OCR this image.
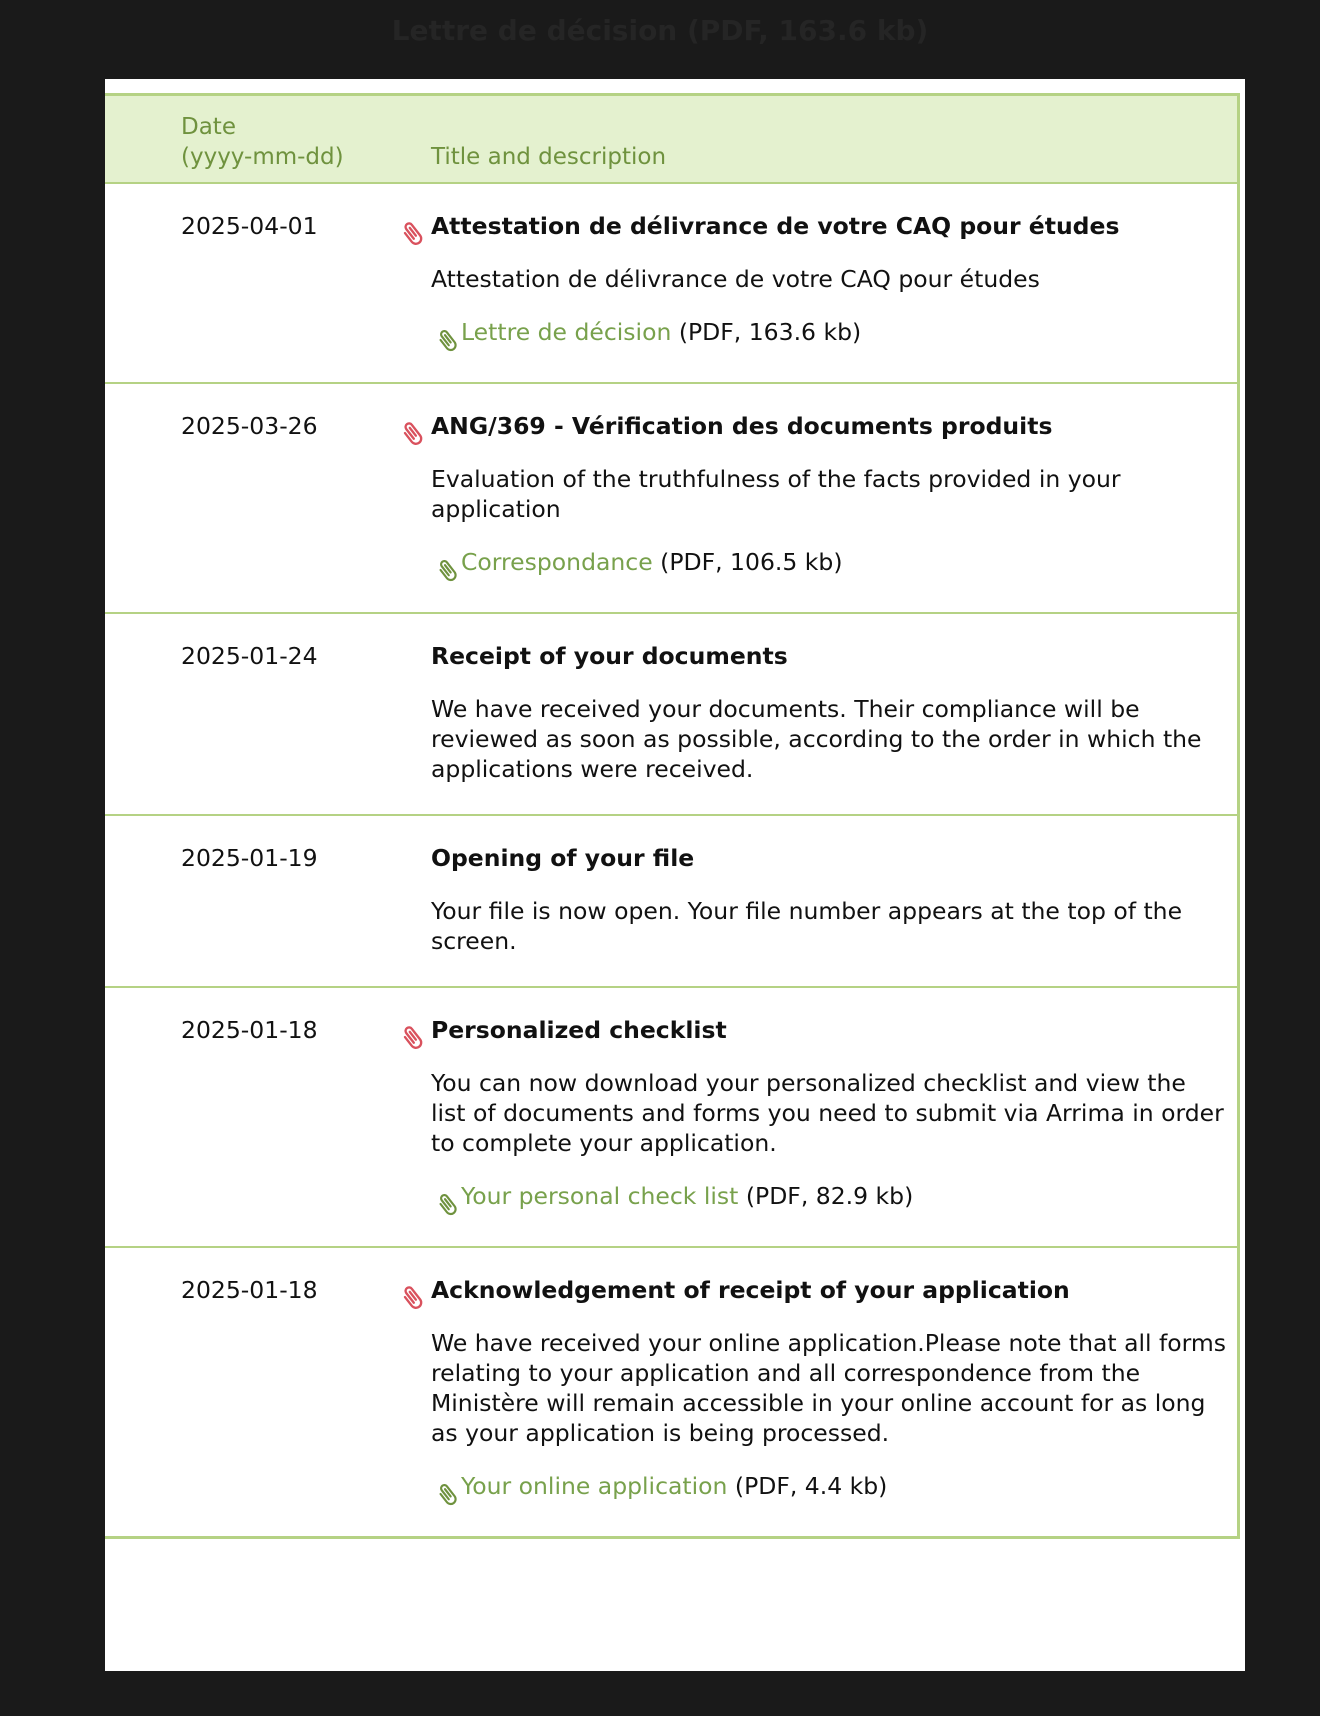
Lettre de décision (PDF, 163.6 kb)
Date
(yyyy-mm-dd)	Title and description
2025-04-01	Attestation de délivrance de votre CAQ pour études
Attestation de délivrance de votre CAQ pour études
Lettre de décision (PDF, 163.6 kb)

2025-03-26	ANG/369 - Vérification des documents produits
Evaluation of the truthfulness of the facts provided in your application
Correspondance (PDF, 106.5 kb)

2025-01-24	Receipt of your documents
We have received your documents. Their compliance will be reviewed as soon as possible, according to the order in which the applications were received.

2025-01-19	Opening of your file
Your file is now open. Your file number appears at the top of the screen.

2025-01-18	Personalized checklist
You can now download your personalized checklist and view the list of documents and forms you need to submit via Arrima in order to complete your application.
Your personal check list (PDF, 82.9 kb)

2025-01-18	Acknowledgement of receipt of your application
We have received your online application.Please note that all forms relating to your application and all correspondence from the Ministère will remain accessible in your online account for as long as your application is being processed.
Your online application (PDF, 4.4 kb)
